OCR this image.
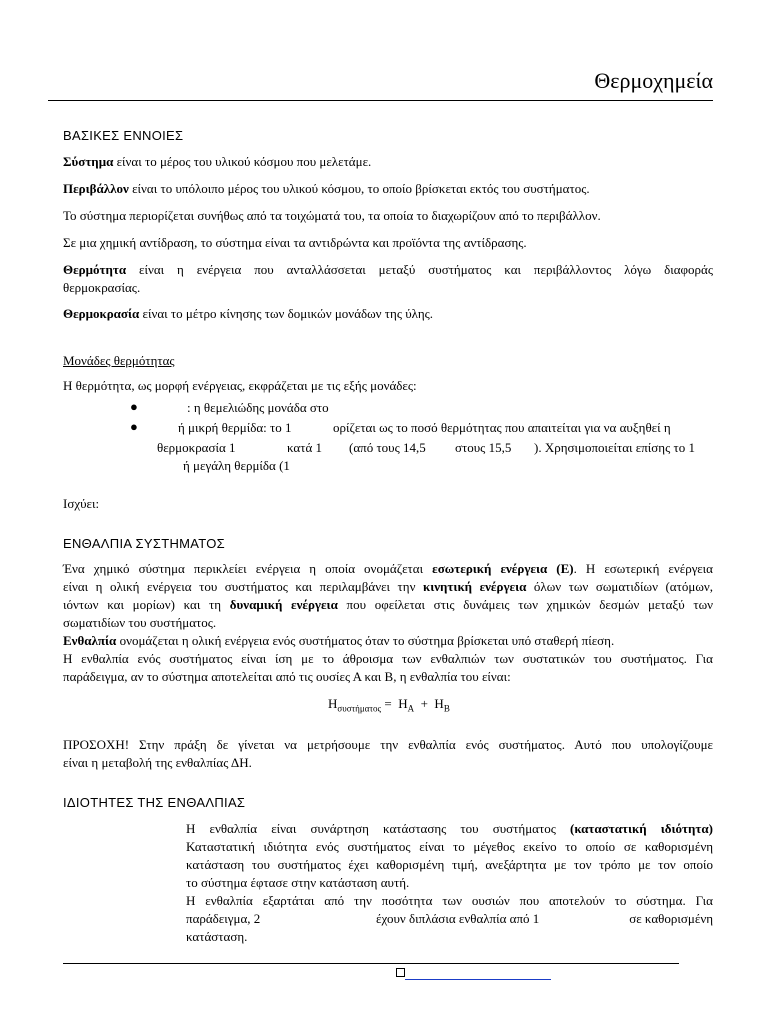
Θερμοχημεία
ΒΑΣΙΚΕΣ ΕΝΝΟΙΕΣ
Σύστημα είναι το μέρος του υλικού κόσμου που μελετάμε.
Περιβάλλον είναι το υπόλοιπο μέρος του υλικού κόσμου, το οποίο βρίσκεται εκτός του συστήματος.
Το σύστημα περιορίζεται συνήθως από τα τοιχώματά του, τα οποία το διαχωρίζουν από το περιβάλλον.
Σε μια χημική αντίδραση, το σύστημα είναι τα αντιδρώντα και προϊόντα της αντίδρασης.
Θερμότητα είναι η ενέργεια που ανταλλάσσεται μεταξύ συστήματος και περιβάλλοντος λόγω διαφοράς
θερμοκρασίας.
Θερμοκρασία είναι το μέτρο κίνησης των δομικών μονάδων της ύλης.
Μονάδες θερμότητας
Η θερμότητα, ως μορφή ενέργειας, εκφράζεται με τις εξής μονάδες:
●	: η θεμελιώδης μονάδα στο
●	ή μικρή θερμίδα: το 1	ορίζεται ως το ποσό θερμότητας που απαιτείται για να αυξηθεί η
θερμοκρασία 1	κατά 1 (από τους 14,5 στους 15,5 ). Χρησιμοποιείται επίσης το 1
ή μεγάλη θερμίδα (1
Ισχύει:
ΕΝΘΑΛΠΙΑ ΣΥΣΤΗΜΑΤΟΣ
Ένα χημικό σύστημα περικλείει ενέργεια η οποία ονομάζεται εσωτερική ενέργεια (Ε). Η εσωτερική ενέργεια
είναι η ολική ενέργεια του συστήματος και περιλαμβάνει την κινητική ενέργεια όλων των σωματιδίων (ατόμων,
ιόντων και μορίων) και τη δυναμική ενέργεια που οφείλεται στις δυνάμεις των χημικών δεσμών μεταξύ των
σωματιδίων του συστήματος.
Ενθαλπία ονομάζεται η ολική ενέργεια ενός συστήματος όταν το σύστημα βρίσκεται υπό σταθερή πίεση.
Η ενθαλπία ενός συστήματος είναι ίση με το άθροισμα των ενθαλπιών των συστατικών του συστήματος. Για
παράδειγμα, αν το σύστημα αποτελείται από τις ουσίες Α και Β, η ενθαλπία του είναι:
$H_{\sigma\upsilon\sigma\tau ή\mu\alpha\tau o\varsigma} = H_A + H_B$
ΠΡΟΣΟΧΗ! Στην πράξη δε γίνεται να μετρήσουμε την ενθαλπία ενός συστήματος. Αυτό που υπολογίζουμε
είναι η μεταβολή της ενθαλπίας ΔΗ.
ΙΔΙΟΤΗΤΕΣ ΤΗΣ ΕΝΘΑΛΠΙΑΣ
Η ενθαλπία είναι συνάρτηση κατάστασης του συστήματος (καταστατική ιδιότητα)
Καταστατική ιδιότητα ενός συστήματος είναι το μέγεθος εκείνο το οποίο σε καθορισμένη
κατάσταση του συστήματος έχει καθορισμένη τιμή, ανεξάρτητα με τον τρόπο με τον οποίο
το σύστημα έφτασε στην κατάσταση αυτή.
Η ενθαλπία εξαρτάται από την ποσότητα των ουσιών που αποτελούν το σύστημα. Για
παράδειγμα, 2	έχουν διπλάσια ενθαλπία από 1	σε καθορισμένη
κατάσταση.
